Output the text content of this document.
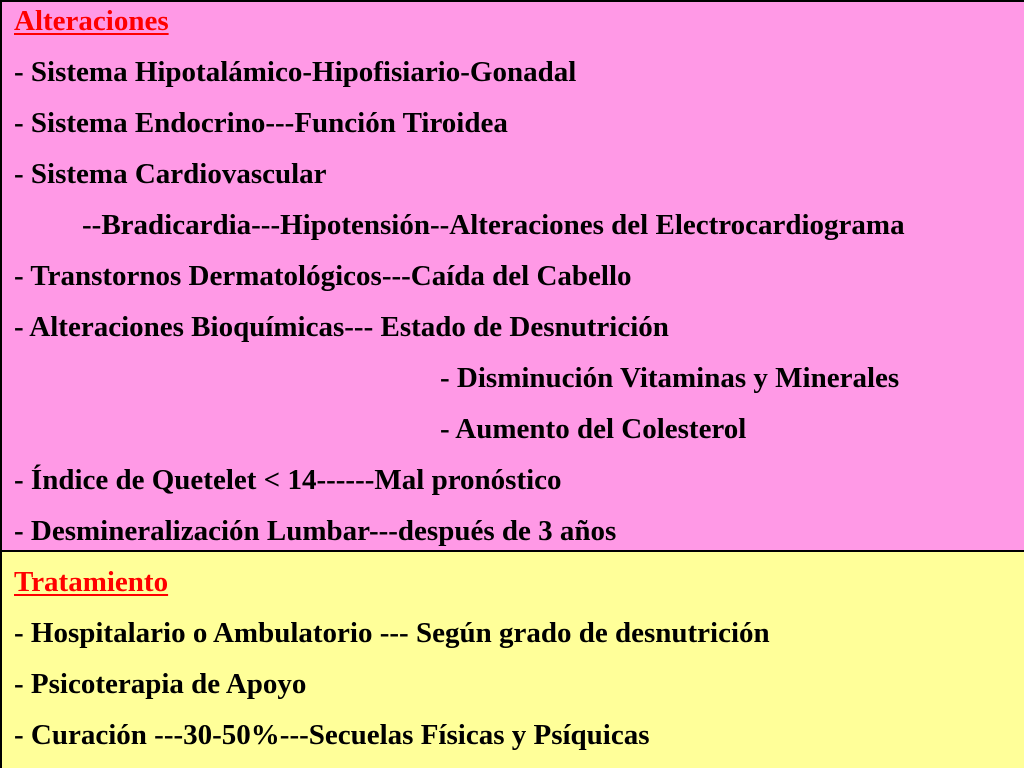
Alteraciones
- Sistema Hipotalámico-Hipofisiario-Gonadal
- Sistema Endocrino---Función Tiroidea
- Sistema Cardiovascular
--Bradicardia---Hipotensión--Alteraciones del Electrocardiograma
- Transtornos Dermatológicos---Caída del Cabello
- Alteraciones Bioquímicas--- Estado de Desnutrición
- Disminución Vitaminas y Minerales
- Aumento del Colesterol
- Índice de Quetelet < 14------Mal pronóstico
- Desmineralización Lumbar---después de 3 años
Tratamiento
- Hospitalario o Ambulatorio --- Según grado de desnutrición
- Psicoterapia de Apoyo
- Curación ---30-50%---Secuelas Físicas y Psíquicas
